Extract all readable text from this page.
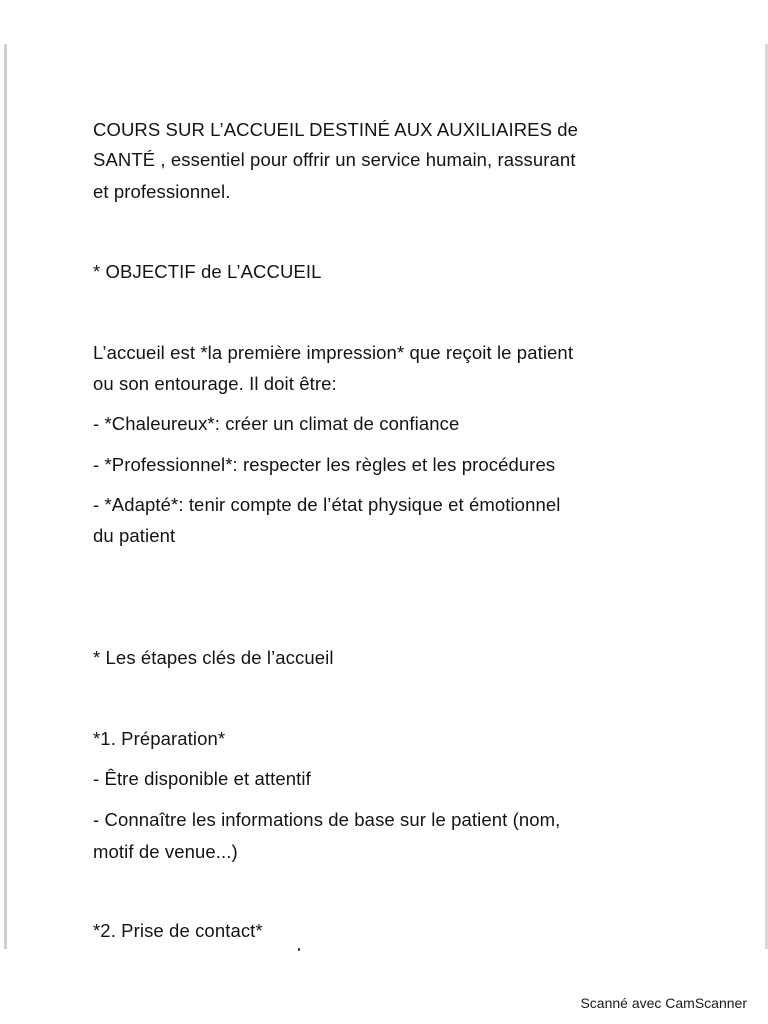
COURS SUR L’ACCUEIL DESTINÉ AUX AUXILIAIRES de

SANTÉ , essentiel pour offrir un service humain, rassurant

et professionnel.

* OBJECTIF de L’ACCUEIL

L’accueil est *la première impression* que reçoit le patient

ou son entourage. Il doit être:

- *Chaleureux*: créer un climat de confiance

- *Professionnel*: respecter les règles et les procédures

- *Adapté*: tenir compte de l’état physique et émotionnel

du patient

* Les étapes clés de l’accueil

*1. Préparation*

- Être disponible et attentif

- Connaître les informations de base sur le patient (nom,

motif de venue...)

*2. Prise de contact*

Scanné avec CamScanner
